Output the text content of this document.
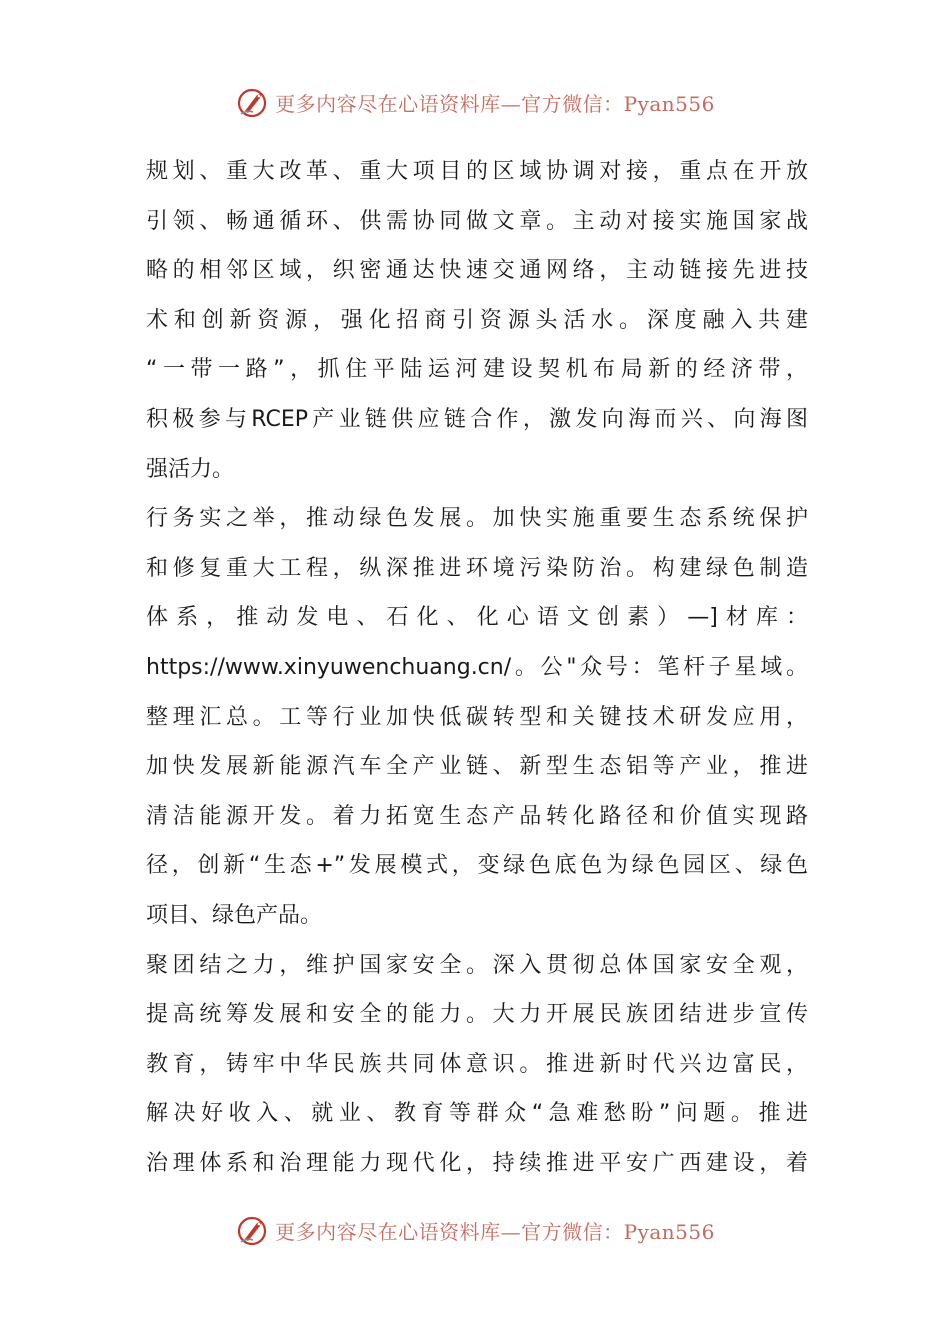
更多内容尽在心语资料库—官方微信：Pyan556
规划、重大改革、重大项目的区域协调对接，重点在开放
引领、畅通循环、供需协同做文章。主动对接实施国家战
略的相邻区域，织密通达快速交通网络，主动链接先进技
术和创新资源，强化招商引资源头活水。深度融入共建
“一带一路”，抓住平陆运河建设契机布局新的经济带，
积极参与RCEP产业链供应链合作，激发向海而兴、向海图
强活力。
行务实之举，推动绿色发展。加快实施重要生态系统保护
和修复重大工程，纵深推进环境污染防治。构建绿色制造
体系，推动发电、石化、化心语文创素）—]材库：
https://www.xinyuwenchuang.cn/。公"众号：笔杆子星域。
整理汇总。工等行业加快低碳转型和关键技术研发应用，
加快发展新能源汽车全产业链、新型生态铝等产业，推进
清洁能源开发。着力拓宽生态产品转化路径和价值实现路
径，创新“生态+”发展模式，变绿色底色为绿色园区、绿色
项目、绿色产品。
聚团结之力，维护国家安全。深入贯彻总体国家安全观，
提高统筹发展和安全的能力。大力开展民族团结进步宣传
教育，铸牢中华民族共同体意识。推进新时代兴边富民，
解决好收入、就业、教育等群众“急难愁盼”问题。推进
治理体系和治理能力现代化，持续推进平安广西建设，着
更多内容尽在心语资料库—官方微信：Pyan556
